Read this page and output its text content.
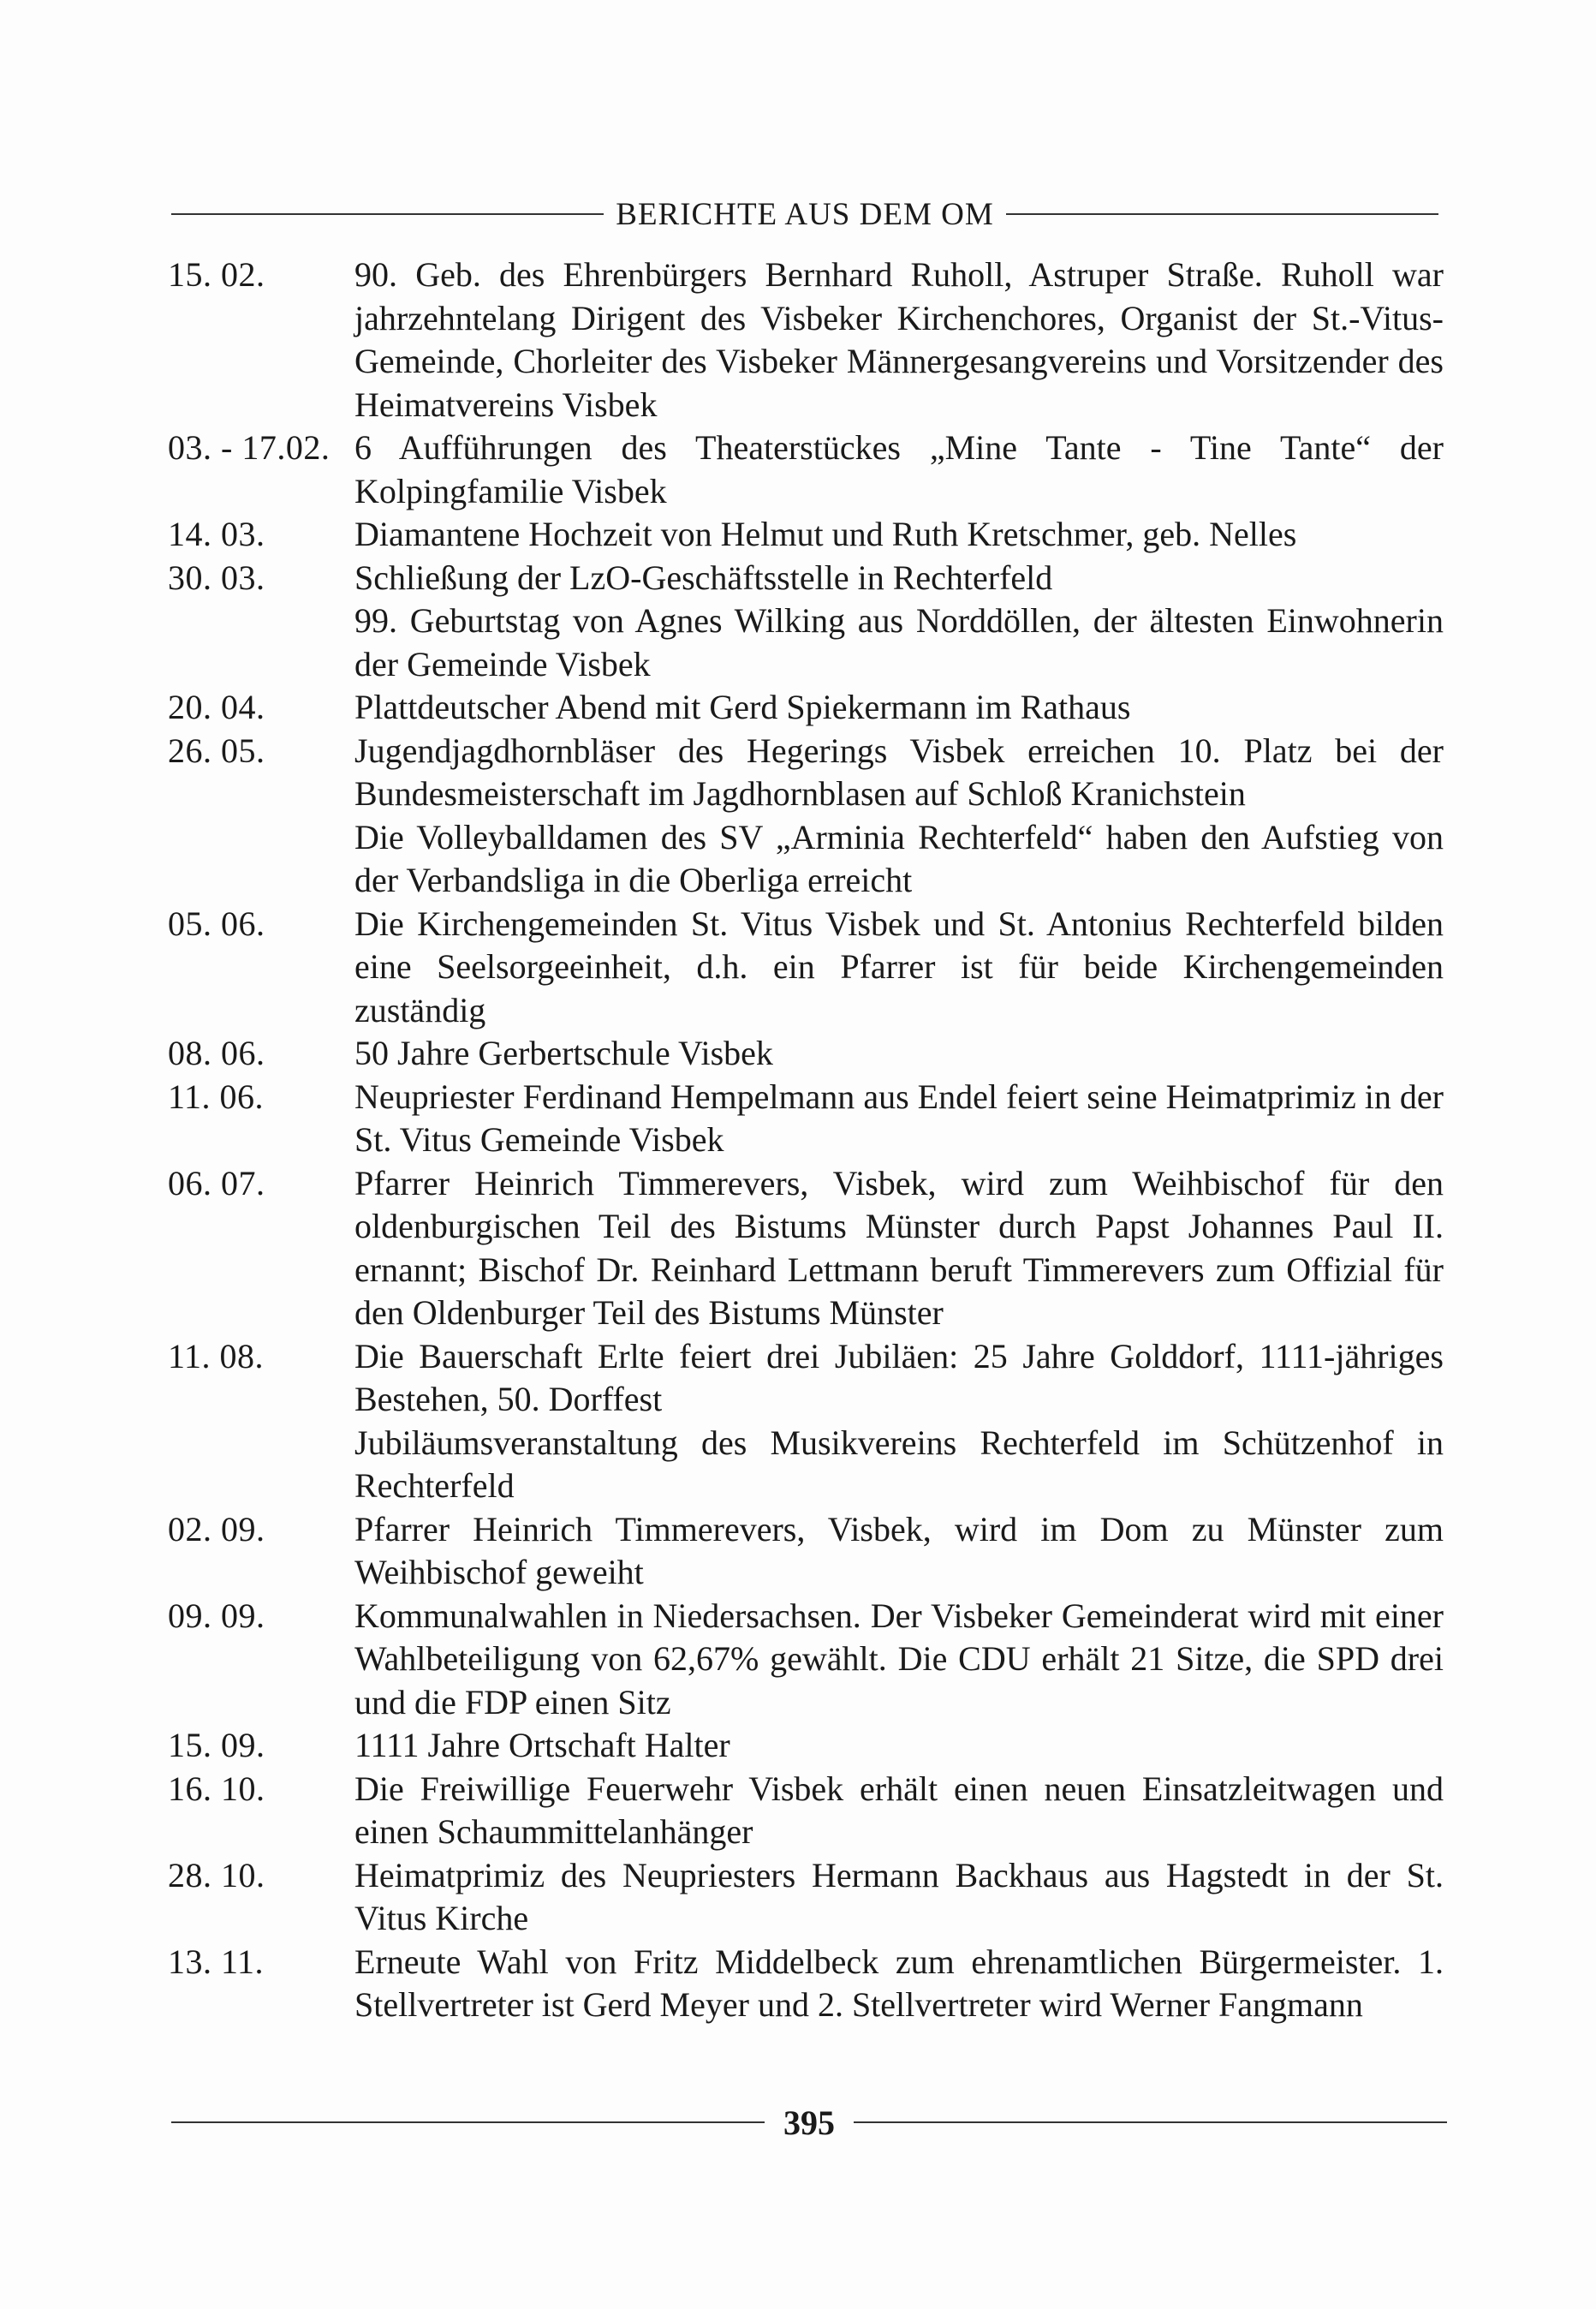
BERICHTE AUS DEM OM
15. 02.	90. Geb. des Ehrenbürgers Bernhard Ruholl, Astruper Straße. Ruholl war jahrzehntelang Dirigent des Visbeker Kirchenchores, Organist der St.-Vitus-Gemeinde, Chorleiter des Visbeker Männergesangvereins und Vorsitzender des Heimatvereins Visbek
03. - 17.02. 6 Aufführungen des Theaterstückes „Mine Tante - Tine Tante“ der Kolpingfamilie Visbek
14. 03.	Diamantene Hochzeit von Helmut und Ruth Kretschmer, geb. Nelles
30. 03.	Schließung der LzO-Geschäftsstelle in Rechterfeld
99. Geburtstag von Agnes Wilking aus Norddöllen, der ältesten Einwohnerin der Gemeinde Visbek
20. 04.	Plattdeutscher Abend mit Gerd Spiekermann im Rathaus
26. 05.	Jugendjagdhornbläser des Hegerings Visbek erreichen 10. Platz bei der Bundesmeisterschaft im Jagdhornblasen auf Schloß Kranichstein
Die Volleyballdamen des SV „Arminia Rechterfeld“ haben den Aufstieg von der Verbandsliga in die Oberliga erreicht
05. 06.	Die Kirchengemeinden St. Vitus Visbek und St. Antonius Rechterfeld bilden eine Seelsorgeeinheit, d.h. ein Pfarrer ist für beide Kirchengemeinden zuständig
08. 06.	50 Jahre Gerbertschule Visbek
11. 06.	Neupriester Ferdinand Hempelmann aus Endel feiert seine Heimatprimiz in der St. Vitus Gemeinde Visbek
06. 07.	Pfarrer Heinrich Timmerevers, Visbek, wird zum Weihbischof für den oldenburgischen Teil des Bistums Münster durch Papst Johannes Paul II. ernannt; Bischof Dr. Reinhard Lettmann beruft Timmerevers zum Offizial für den Oldenburger Teil des Bistums Münster
11. 08.	Die Bauerschaft Erlte feiert drei Jubiläen: 25 Jahre Golddorf, 1111-jähriges Bestehen, 50. Dorffest
Jubiläumsveranstaltung des Musikvereins Rechterfeld im Schützenhof in Rechterfeld
02. 09.	Pfarrer Heinrich Timmerevers, Visbek, wird im Dom zu Münster zum Weihbischof geweiht
09. 09.	Kommunalwahlen in Niedersachsen. Der Visbeker Gemeinderat wird mit einer Wahlbeteiligung von 62,67% gewählt. Die CDU erhält 21 Sitze, die SPD drei und die FDP einen Sitz
15. 09.	1111 Jahre Ortschaft Halter
16. 10.	Die Freiwillige Feuerwehr Visbek erhält einen neuen Einsatzleitwagen und einen Schaummittelanhänger
28. 10.	Heimatprimiz des Neupriesters Hermann Backhaus aus Hagstedt in der St. Vitus Kirche
13. 11.	Erneute Wahl von Fritz Middelbeck zum ehrenamtlichen Bürgermeister. 1. Stellvertreter ist Gerd Meyer und 2. Stellvertreter wird Werner Fangmann
395
